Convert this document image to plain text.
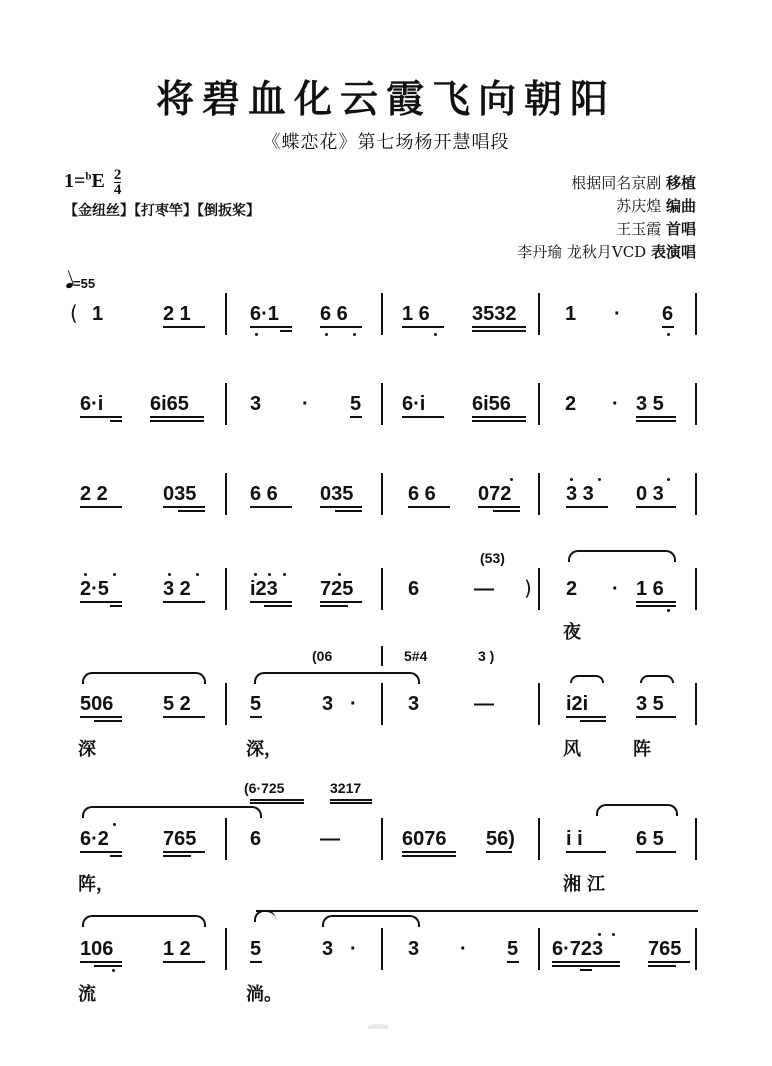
将碧血化云霞飞向朝阳
《蝶恋花》第七场杨开慧唱段
$1=^bE \frac{2}{4}$
【金纽丝】【打枣竿】【倒扳桨】
根据同名京剧 移植
苏庆煌 编曲
王玉霞 首唱
李丹瑜 龙秋月VCD 表演唱
=55
( 1	2 1	6·1 6 6	1 6 3532 1 · 6
6·i 6i65	3 · 5 6·i 6i56	2 · 3 5
2 2	035	6 6 035	6 6 072	3 3 0 3
2·5	3 2	i23 725	6	— )
(53)
2 · 1 6
夜
(06	5#4	3 )
506 5 2	5	3 ·	3	—	i2i 3 5
深	深，	风	阵
(6·725	3217
6·2	765	6	—	6076 56)	i i	6 5
阵，	湘江
106 1 2	5	3 ·	3 · 5 6·723 765
流	淌。
